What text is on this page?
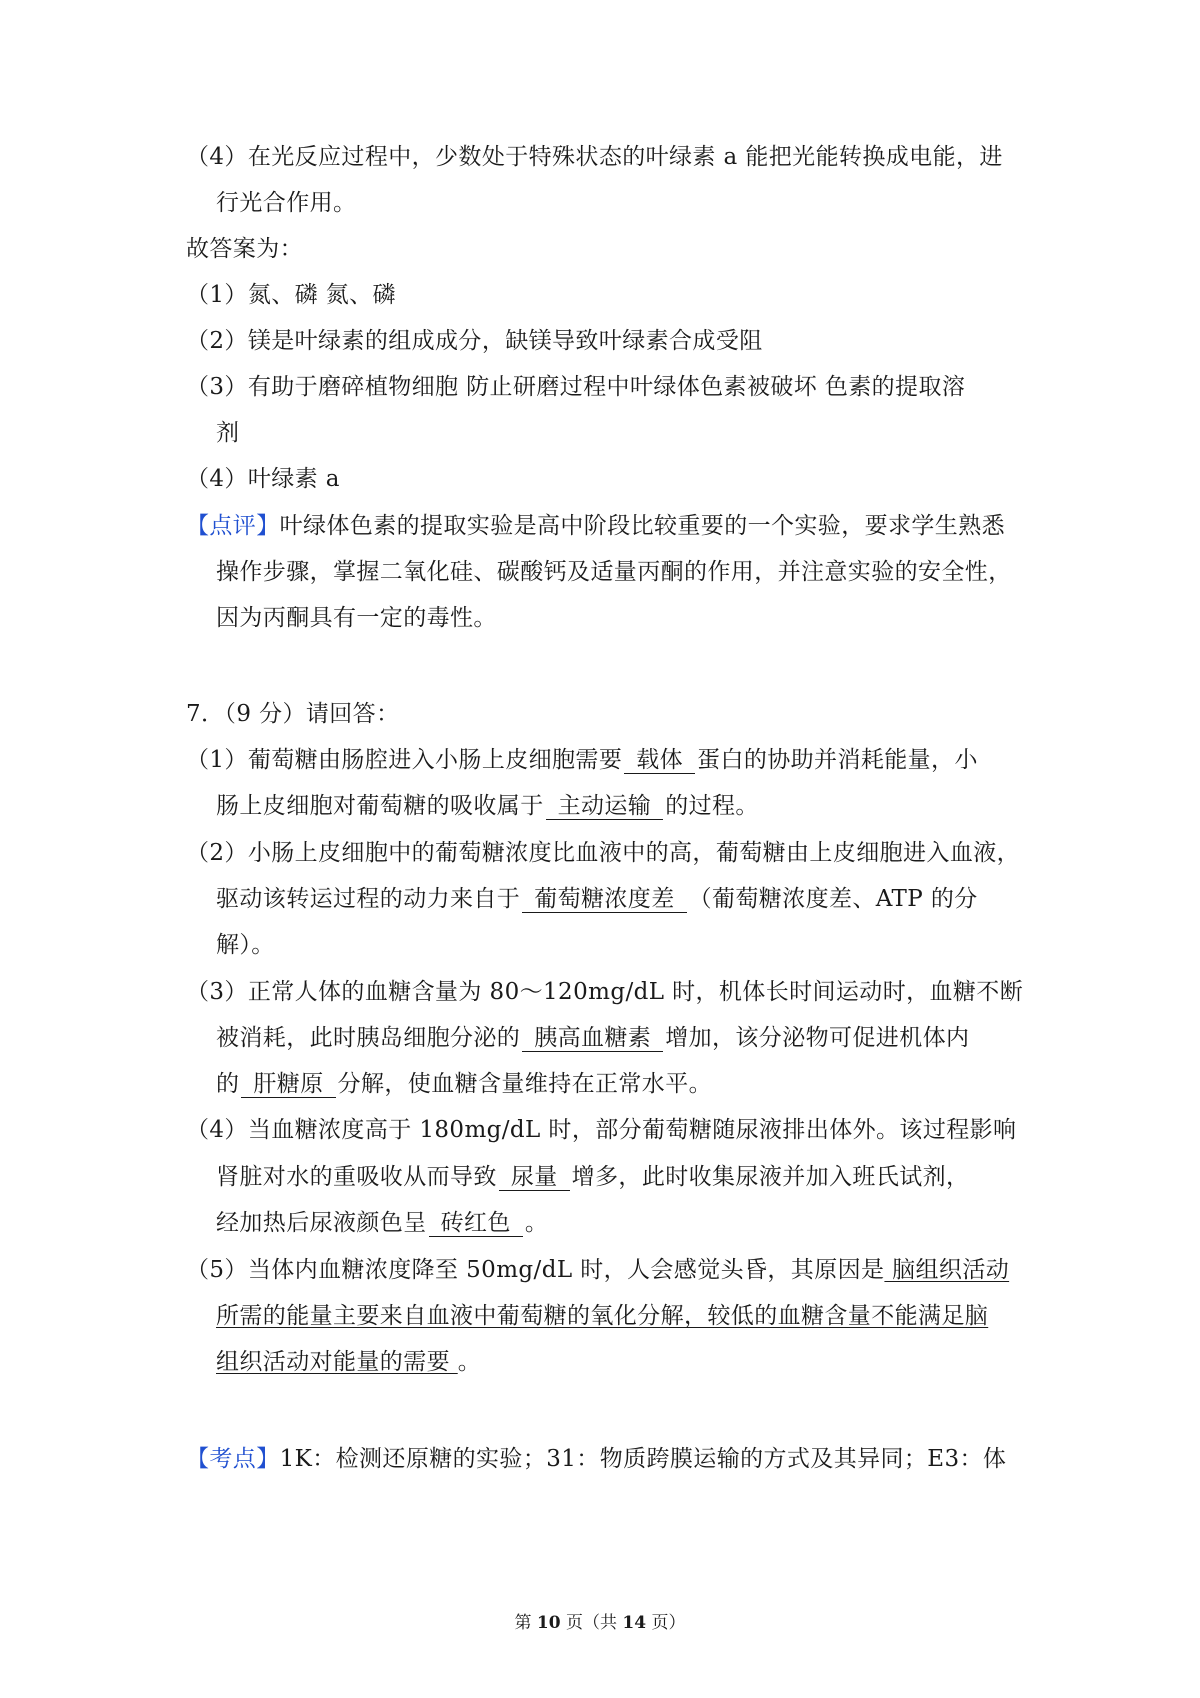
（4）在光反应过程中，少数处于特殊状态的叶绿素 a 能把光能转换成电能，进
行光合作用。
故答案为：
（1）氮、磷 氮、磷
（2）镁是叶绿素的组成成分，缺镁导致叶绿素合成受阻
（3）有助于磨碎植物细胞 防止研磨过程中叶绿体色素被破坏 色素的提取溶
剂
（4）叶绿素 a
【点评】叶绿体色素的提取实验是高中阶段比较重要的一个实验，要求学生熟悉
操作步骤，掌握二氧化硅、碳酸钙及适量丙酮的作用，并注意实验的安全性，
因为丙酮具有一定的毒性。
7．（9 分）请回答：
（1）葡萄糖由肠腔进入小肠上皮细胞需要 载体 蛋白的协助并消耗能量，小
肠上皮细胞对葡萄糖的吸收属于 主动运输 的过程。
（2）小肠上皮细胞中的葡萄糖浓度比血液中的高，葡萄糖由上皮细胞进入血液，
驱动该转运过程的动力来自于 葡萄糖浓度差 （葡萄糖浓度差、ATP 的分
解）。
（3）正常人体的血糖含量为 80～120mg/dL 时，机体长时间运动时，血糖不断
被消耗，此时胰岛细胞分泌的 胰高血糖素 增加，该分泌物可促进机体内
的 肝糖原 分解，使血糖含量维持在正常水平。
（4）当血糖浓度高于 180mg/dL 时，部分葡萄糖随尿液排出体外。该过程影响
肾脏对水的重吸收从而导致 尿量 增多，此时收集尿液并加入班氏试剂，
经加热后尿液颜色呈 砖红色 。
（5）当体内血糖浓度降至 50mg/dL 时，人会感觉头昏，其原因是 脑组织活动
所需的能量主要来自血液中葡萄糖的氧化分解，较低的血糖含量不能满足脑
组织活动对能量的需要 。
【考点】1K：检测还原糖的实验；31：物质跨膜运输的方式及其异同；E3：体
第 10 页（共 14 页）
